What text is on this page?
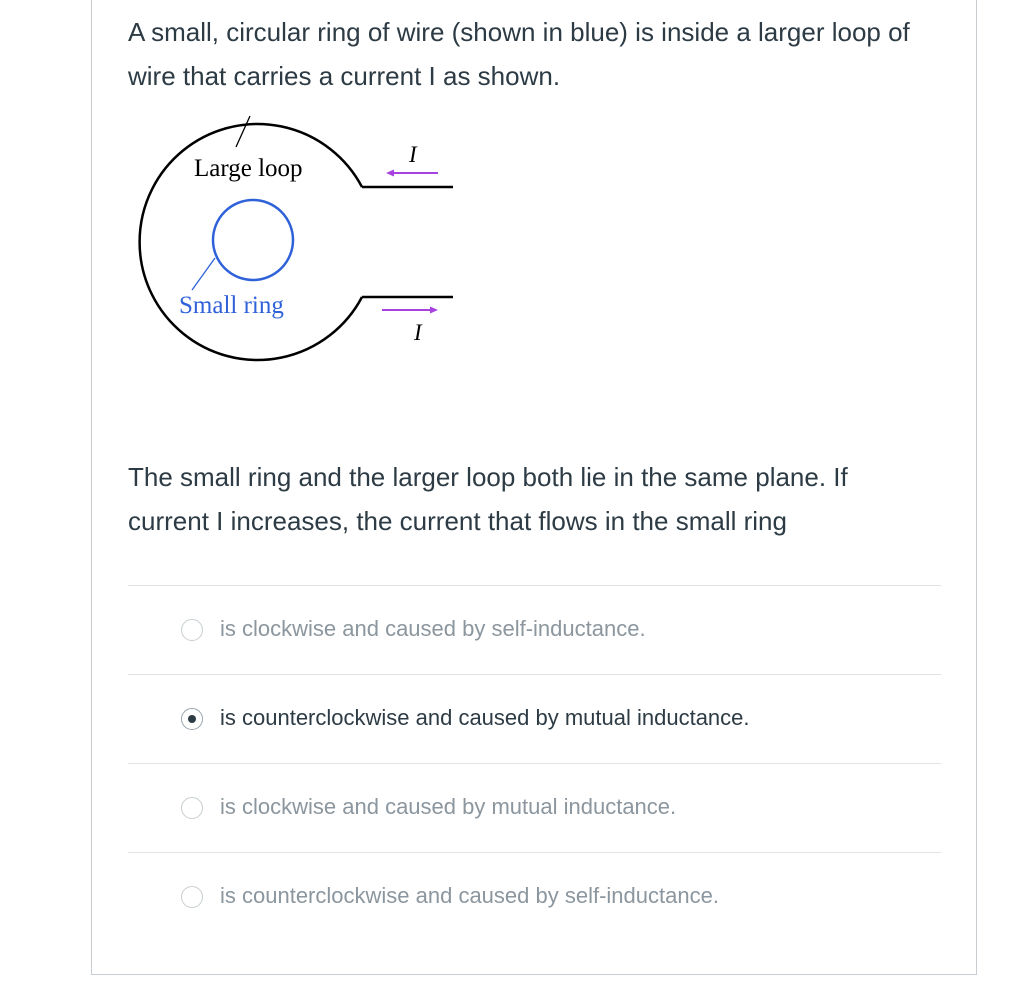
A small, circular ring of wire (shown in blue) is inside a larger loop of wire that carries a current I as shown.
Large loop
Small ring
I
I
The small ring and the larger loop both lie in the same plane. If current I increases, the current that flows in the small ring
is clockwise and caused by self-inductance.
is counterclockwise and caused by mutual inductance.
is clockwise and caused by mutual inductance.
is counterclockwise and caused by self-inductance.
